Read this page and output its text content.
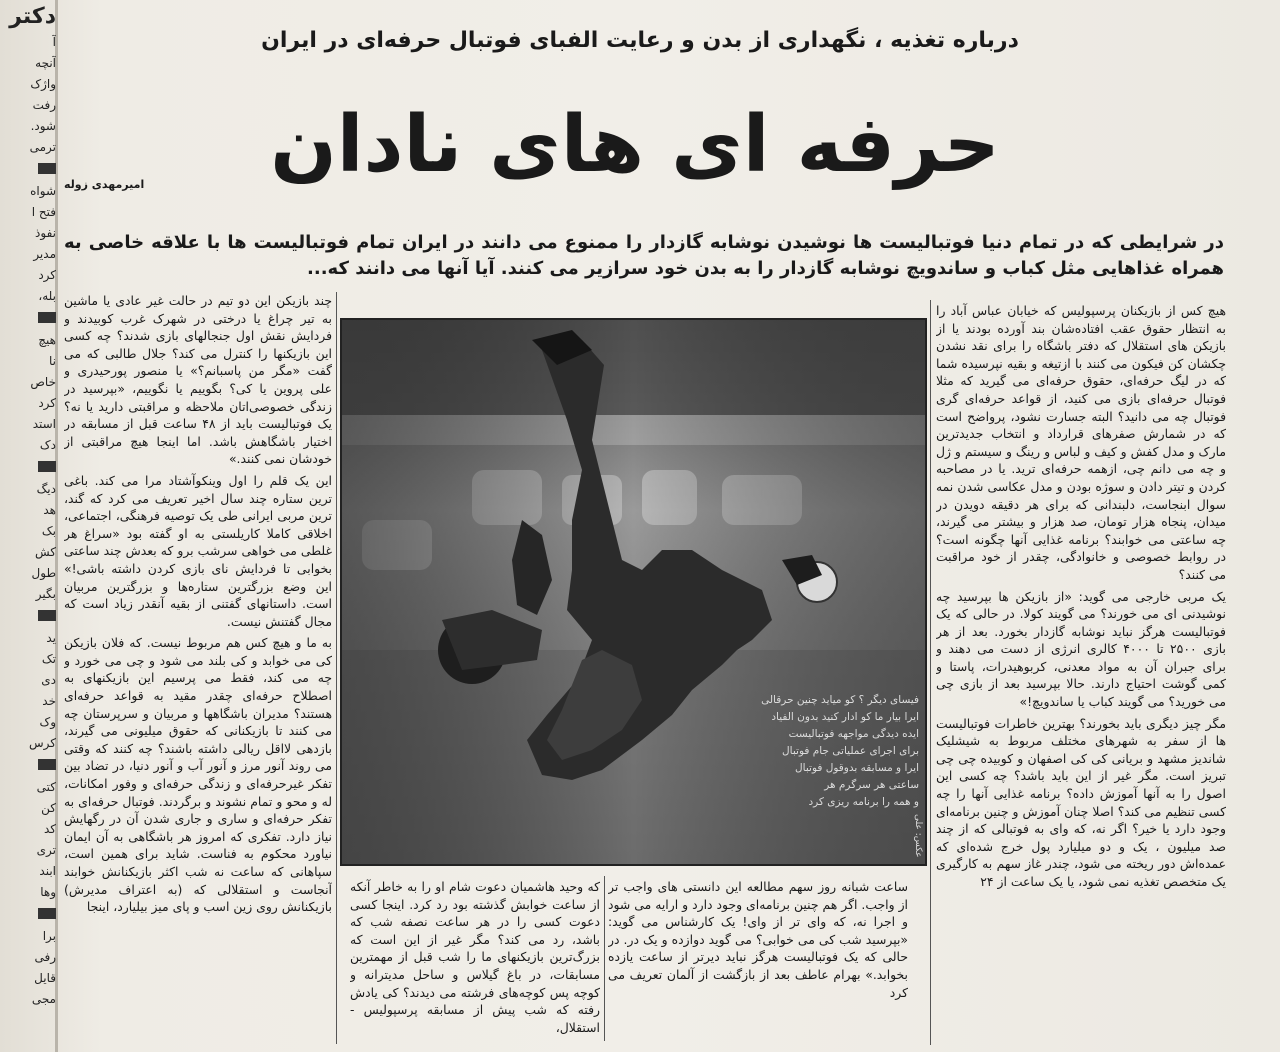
دکتر
آ
آنچه
واژک
رفت
شود.
ترمی
شواه
فتح ا
نفوذ
مدیر
کرد
بله،
هیچ
نا
خاص
کرد
استد
دک
دیگ
هد
بک
کش
طول
بگیر
ید
تک
دی
خد
وک
کرس
کتی
کن
کد
تری
ابند
وها
برا
رفی
قایل
مجی
درباره تغذیه ، نگهداری از بدن و رعایت الفبای فوتبال حرفه‌ای در ایران
حرفه ای های نادان
امیرمهدی زوله
در شرایطی که در تمام دنیا فوتبالیست ها نوشیدن نوشابه گازدار را ممنوع می دانند در ایران تمام فوتبالیست ها با علاقه خاصی به همراه غذاهایی مثل کباب و ساندویچ نوشابه گازدار را به بدن خود سرازیر می کنند. آیا آنها می دانند که...

هیچ کس از بازیکنان پرسپولیس که خیابان عباس آباد را به انتظار حقوق عقب افتاده‌شان بند آورده بودند یا از بازیکن های استقلال که دفتر باشگاه را برای نقد نشدن چکشان کن فیکون می کنند با ازتیغه و بقیه نپرسیده شما که در لیگ حرفه‌ای، حقوق حرفه‌ای می گیرید که مثلا فوتبال حرفه‌ای بازی می کنید، از قواعد حرفه‌ای گری فوتبال چه می دانید؟ البته جسارت نشود، پرواضح است که در شمارش صفرهای قرارداد و انتخاب جدیدترین مارک و مدل کفش و کیف و لباس و رینگ و سیستم و ژل و چه می دانم چی، ازهمه حرفه‌ای ترید. یا در مصاحبه کردن و تیتر دادن و سوژه بودن و مدل عکاسی شدن نمه سوال ابنجاست، دلبندانی که برای هر دقیقه دویدن در میدان، پنجاه هزار تومان، صد هزار و بیشتر می گیرند، چه ساعتی می خوابند؟ برنامه غذایی آنها چگونه است؟ در روابط خصوصی و خانوادگی، چقدر از خود مراقبت می کنند؟

یک مربی خارجی می گوید: «از بازیکن ها بپرسید چه نوشیدنی ای می خورند؟ می گویند کولا. در حالی که یک فوتبالیست هرگز نباید نوشابه گازدار بخورد. بعد از هر بازی ۲۵۰۰ تا ۴۰۰۰ کالری انرژی از دست می دهند و برای جبران آن به مواد معدنی، کربوهیدرات، پاستا و کمی گوشت احتیاج دارند. حالا بپرسید بعد از بازی چی می خورید؟ می گویند کباب یا ساندویچ!»

مگر چیز دیگری باید بخورند؟ بهترین خاطرات فوتبالیست ها از سفر به شهرهای مختلف مربوط به شیشلیک شاندیز مشهد و بریانی کی کی اصفهان و کوبیده چی چی تبریز است. مگر غیر از این باید باشد؟ چه کسی این اصول را به آنها آموزش داده؟ برنامه غذایی آنها را چه کسی تنظیم می کند؟ اصلا چنان آموزش و چنین برنامه‌ای وجود دارد یا خیر؟ اگر نه، که وای به فوتبالی که از چند صد میلیون ، یک و دو میلیارد پول خرج شده‌ای که عمده‌اش دور ریخته می شود، چندر غاز سهم به کارگیری یک متخصص تغذیه نمی شود، یا یک ساعت از ۲۴

چند بازیکن این دو تیم در حالت غیر عادی یا ماشین به تیر چراغ یا درختی در شهرک غرب کوبیدند و فردایش نقش اول جنجالهای بازی شدند؟ چه کسی این بازیکنها را کنترل می کند؟ جلال طالبی که می گفت «مگر من پاسبانم؟» یا منصور پورحیدری و علی پروین یا کی؟ بگوییم یا نگوییم، «بپرسید در زندگی خصوصی‌اتان ملاحظه و مراقبتی دارید یا نه؟ یک فوتبالیست باید از ۴۸ ساعت قبل از مسابقه در اختیار باشگاهش باشد. اما اینجا هیچ مراقبتی از خودشان نمی کنند.»

این یک قلم را اول وینکوآشتاد مرا می کند. باغی ترین ستاره چند سال اخیر تعریف می کرد که گند، ترین مربی ایرانی طی یک توصیه فرهنگی، اجتماعی، اخلاقی کاملا کاریلستی به او گفته بود «سراغ هر غلطی می خواهی سرشب برو که بعدش چند ساعتی بخوابی تا فردایش نای بازی کردن داشته باشی!» این وضع بزرگترین ستاره‌ها و بزرگترین مربیان است. داستانهای گفتنی از بقیه آنقدر زیاد است که مجال گفتنش نیست.

به ما و هیچ کس هم مربوط نیست. که فلان بازیکن کی می خوابد و کی بلند می شود و چی می خورد و چه می کند، فقط می پرسیم این بازیکنهای به اصطلاح حرفه‌ای چقدر مقید به قواعد حرفه‌ای هستند؟ مدیران باشگاهها و مربیان و سرپرستان چه می کنند تا بازیکنانی که حقوق میلیونی می گیرند، بازدهی لااقل ریالی داشته باشند؟ چه کنند که وقتی می روند آنور مرز و آنور آب و آنور دنیا، در تضاد بین تفکر غیرحرفه‌ای و زندگی حرفه‌ای و وفور امکانات، له و محو و تمام نشوند و برگردند. فوتبال حرفه‌ای به تفکر حرفه‌ای و ساری و جاری شدن آن در رگهایش نیاز دارد. تفکری که امروز هر باشگاهی به آن ایمان نیاورد محکوم به فناست. شاید برای همین است، سپاهانی که ساعت نه شب اکثر بازیکنانش خوابند آنجاست و استقلالی که (به اعتراف مدیرش) بازیکنانش روی زین اسب و پای میز بیلیارد، اینجا

ساعت شبانه روز سهم مطالعه این دانستی های واجب تر از واجب. اگر هم چنین برنامه‌ای وجود دارد و ارایه می شود و اجرا نه، که وای تر از وای! یک کارشناس می گوید: «بپرسید شب کی می خوابی؟ می گوید دوازده و یک در. در حالی که یک فوتبالیست هرگز نباید دیرتر از ساعت یازده بخوابد.» بهرام عاطف بعد از بازگشت از آلمان تعریف می کرد

که وحید هاشمیان دعوت شام او را به خاطر آنکه از ساعت خوابش گذشته بود رد کرد. اینجا کسی دعوت کسی را در هر ساعت نصفه شب که باشد، رد می کند؟ مگر غیر از این است که بزرگ‌ترین بازیکنهای ما را شب قبل از مهمترین مسابقات، در باغ گیلاس و ساحل مدیترانه و کوچه پس کوچه‌های فرشته می دیدند؟ کی یادش رفته که شب پیش از مسابقه پرسپولیس - استقلال،

فیسای دیگر ؟ کو میاید چنین حرقالی
ایرا بیار ما کو ادار کنید بدون الفیاد
ایده دیدگی مواجهه فوتبالیست
برای اجرای عملیاتی جام فوتبال
ایرا و مسابقه بدوقول فوتبال
ساعتی هر سرگرم هر
و همه را برنامه ریزی کرد
عکس: علی
